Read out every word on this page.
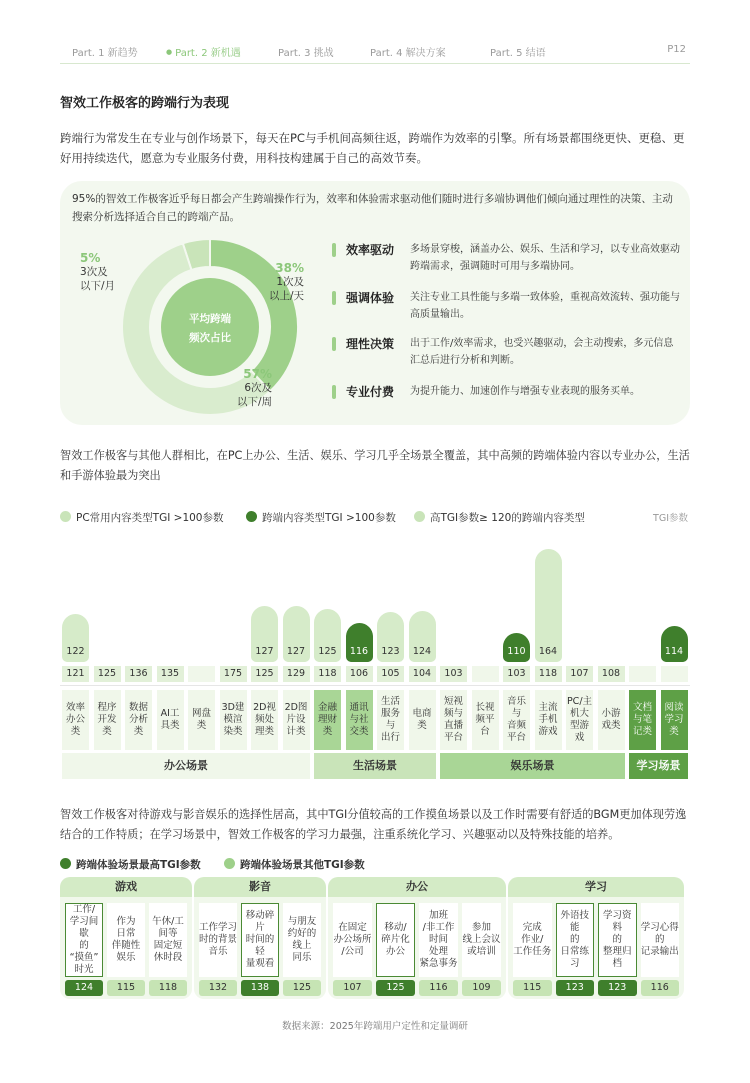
Part. 1 新趋势
●	Part. 2 新机遇	Part. 3 挑战	Part. 4 解决方案	Part. 5 结语	P12
智效工作极客的跨端行为表现
跨端行为常发生在专业与创作场景下，每天在PC与手机间高频往返，跨端作为效率的引擎。所有场景都围绕更快、更稳、更好用持续迭代，愿意为专业服务付费，用科技构建属于自己的高效节奏。
95%的智效工作极客近乎每日都会产生跨端操作行为，效率和体验需求驱动他们随时进行多端协调他们倾向通过理性的决策、主动搜索分析选择适合自己的跨端产品。
平均跨端
频次占比
5%
3次及
以下/月
38%
1次及
以上/天
57%
6次及
以下/周
效率驱动 多场景穿梭，涵盖办公、娱乐、生活和学习，以专业高效驱动跨端需求，强调随时可用与多端协同。
强调体验 关注专业工具性能与多端一致体验，重视高效流转、强功能与高质量输出。
理性决策 出于工作/效率需求，也受兴趣驱动，会主动搜索，多元信息汇总后进行分析和判断。
专业付费 为提升能力、加速创作与增强专业表现的服务买单。
智效工作极客与其他人群相比，在PC上办公、生活、娱乐、学习几乎全场景全覆盖，其中高频的跨端体验内容以专业办公，生活和手游体验最为突出
PC常用内容类型TGI >100参数	跨端内容类型TGI >100参数	高TGI参数≥ 120的跨端内容类型	TGI参数
122
121
效率
办公
类
125
程序
开发
类
136
数据
分析
类
135
AI工
具类
网盘
类
175
3D建
模渲
染类
127
125
2D视
频处
理类
127
129
2D图
片设
计类
125
118
金融
理财
类
116
106
通讯
与社
交类
123
105
生活
服务
与
出行
124
104
电商
类
103
短视
频与
直播
平台
长视
频平
台
110
103
音乐
与
音频
平台
164
118
主流
手机
游戏
107
PC/主
机大
型游
戏
108
小游
戏类
文档
与笔
记类
114
阅读
学习
类
办公场景	生活场景	娱乐场景	学习场景
智效工作极客对待游戏与影音娱乐的选择性居高，其中TGI分值较高的工作摸鱼场景以及工作时需要有舒适的BGM更加体现劳逸结合的工作特质；在学习场景中，智效工作极客的学习力最强，注重系统化学习、兴趣驱动以及特殊技能的培养。
跨端体验场景最高TGI参数	跨端体验场景其他TGI参数
游戏
工作/
学习间歇
的
“摸鱼”
时光
124
作为
日常
伴随性
娱乐
115
午休/工
间等
固定短
休时段
118
影音
工作学习
时的背景
音乐
132
移动碎片
时间的轻
量观看
138
与朋友
约好的
线上
同乐
125
办公
在固定
办公场所
/公司
107
移动/
碎片化
办公
125
加班
/非工作
时间
处理
紧急事务
116
参加
线上会议
或培训
109
学习
完成
作业/
工作任务
115
外语技能
的
日常练习
123
学习资料
的
整理归档
123
学习心得
的
记录输出
116
数据来源：2025年跨端用户定性和定量调研
